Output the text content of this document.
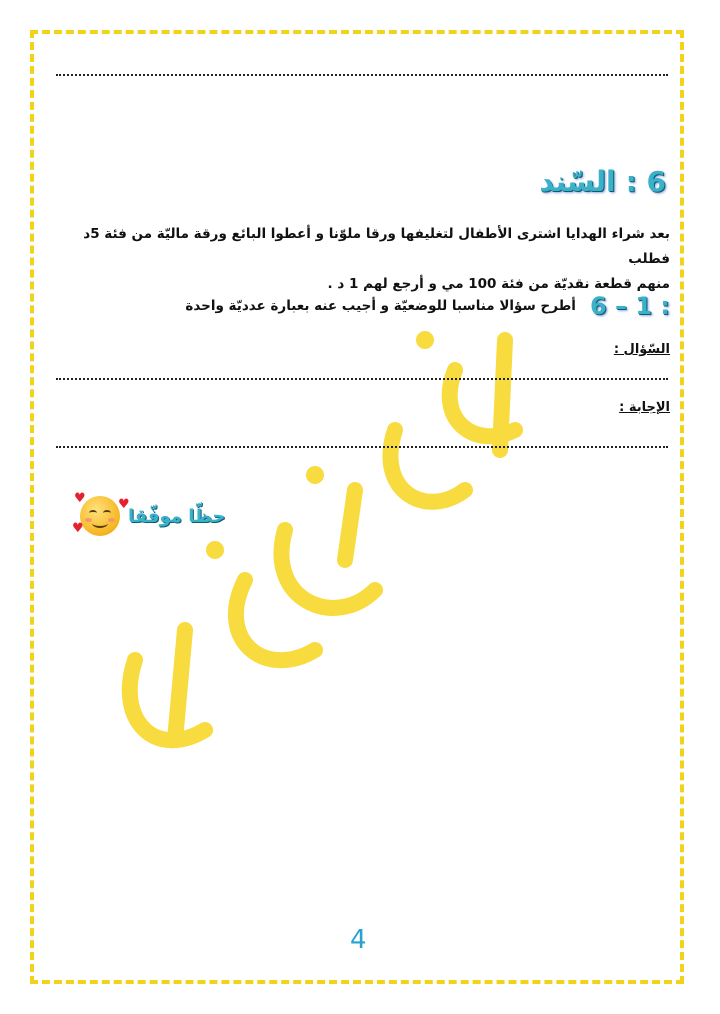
السّند 6 :
بعد شراء الهدايا اشترى الأطفال لتغليفها ورقا ملوّنا و أعطوا البائع ورقة ماليّة من فئة 5د فطلب
منهم قطعة نقديّة من فئة 100 مي و أرجع لهم 1 د .
6 – 1 :
أطرح سؤالا مناسبا للوضعيّة و أجيب عنه بعبارة عدديّة واحدة
السّؤال :
الإجابة :
♥ ♥
♥
حظّا موفّقا
4
